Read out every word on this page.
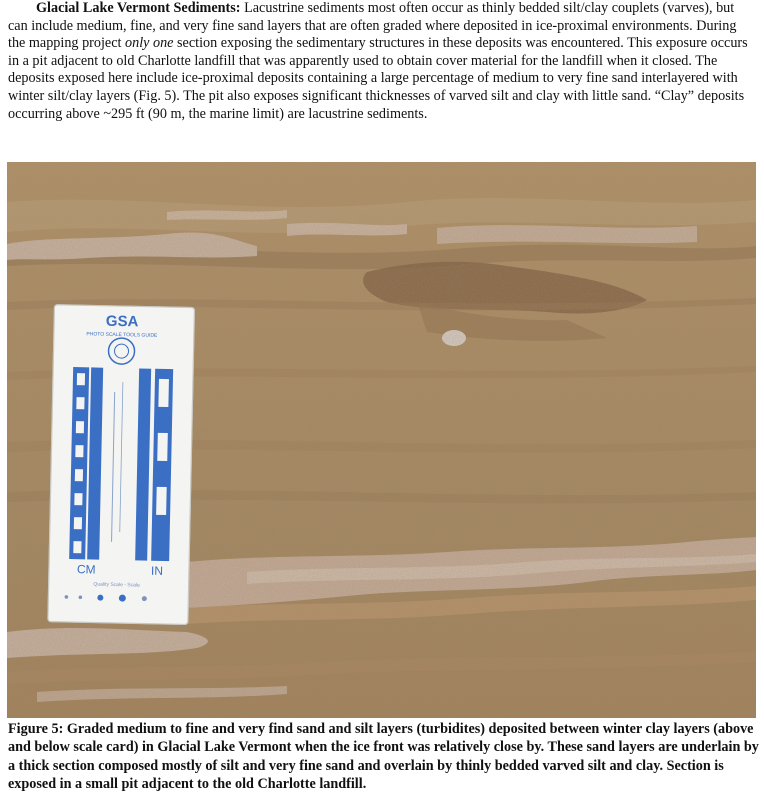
Glacial Lake Vermont Sediments: Lacustrine sediments most often occur as thinly bedded silt/clay couplets (varves), but can include medium, fine, and very fine sand layers that are often graded where deposited in ice-proximal environments. During the mapping project only one section exposing the sedimentary structures in these deposits was encountered. This exposure occurs in a pit adjacent to old Charlotte landfill that was apparently used to obtain cover material for the landfill when it closed. The deposits exposed here include ice-proximal deposits containing a large percentage of medium to very fine sand interlayered with winter silt/clay layers (Fig. 5). The pit also exposes significant thicknesses of varved silt and clay with little sand. “Clay” deposits occurring above ~295 ft (90 m, the marine limit) are lacustrine sediments.

GSA
PHOTO SCALE TOOLS GUIDE
CM	IN
Quality Scale - Scale

Figure 5: Graded medium to fine and very find sand and silt layers (turbidites) deposited between winter clay layers (above and below scale card) in Glacial Lake Vermont when the ice front was relatively close by. These sand layers are underlain by a thick section composed mostly of silt and very fine sand and overlain by thinly bedded varved silt and clay. Section is exposed in a small pit adjacent to the old Charlotte landfill.
